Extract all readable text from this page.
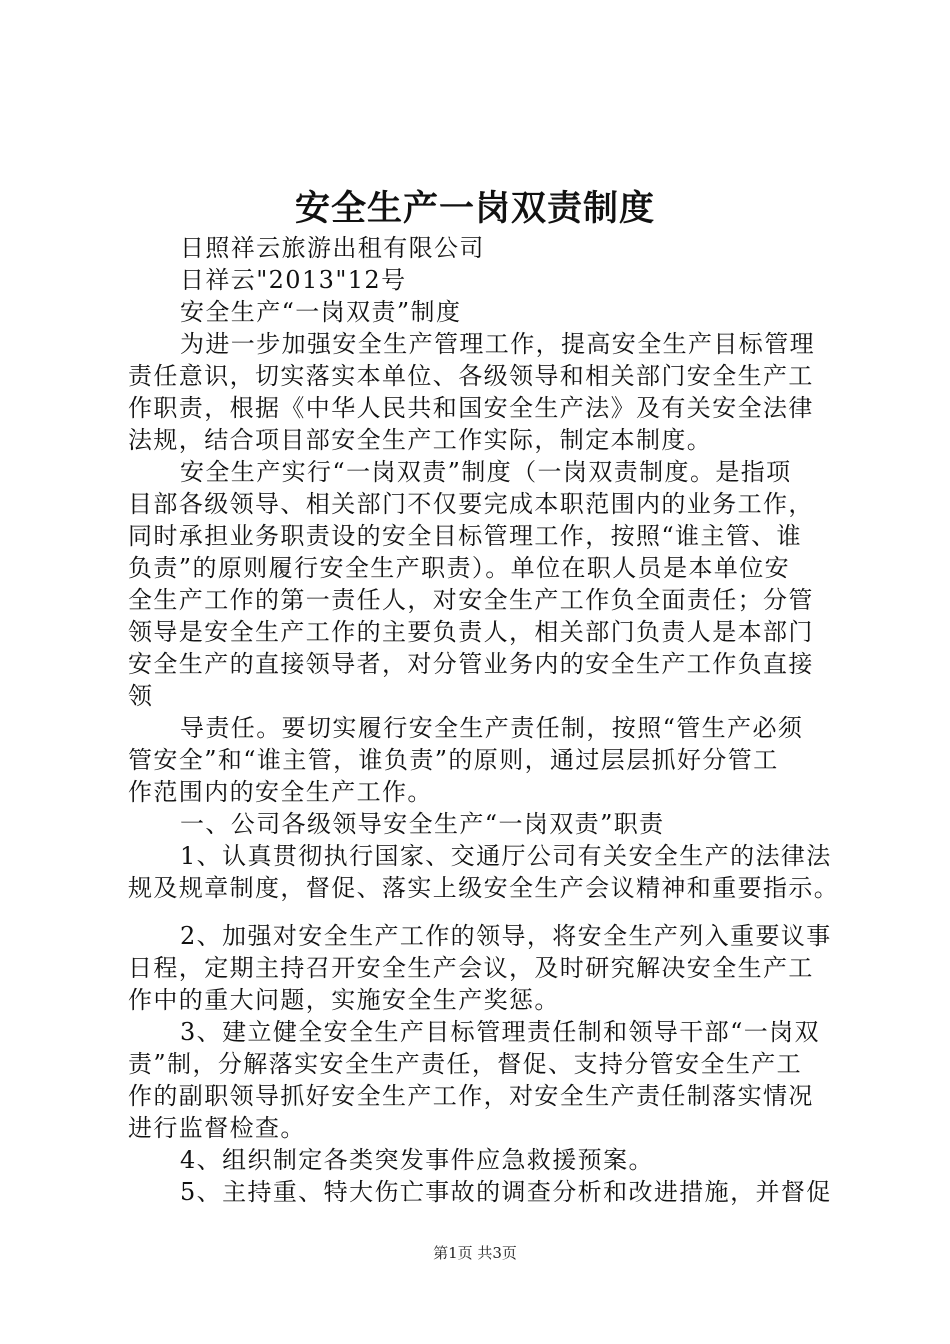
安全生产一岗双责制度
日照祥云旅游出租有限公司
日祥云"2013"12号
安全生产“一岗双责”制度
为进一步加强安全生产管理工作，提高安全生产目标管理
责任意识，切实落实本单位、各级领导和相关部门安全生产工
作职责，根据《中华人民共和国安全生产法》及有关安全法律
法规，结合项目部安全生产工作实际，制定本制度。
安全生产实行“一岗双责”制度（一岗双责制度。是指项
目部各级领导、相关部门不仅要完成本职范围内的业务工作，
同时承担业务职责设的安全目标管理工作，按照“谁主管、谁
负责”的原则履行安全生产职责）。单位在职人员是本单位安
全生产工作的第一责任人，对安全生产工作负全面责任；分管
领导是安全生产工作的主要负责人，相关部门负责人是本部门
安全生产的直接领导者，对分管业务内的安全生产工作负直接
领
导责任。要切实履行安全生产责任制，按照“管生产必须
管安全”和“谁主管，谁负责”的原则，通过层层抓好分管工
作范围内的安全生产工作。
一、公司各级领导安全生产“一岗双责”职责
1、认真贯彻执行国家、交通厅公司有关安全生产的法律法
规及规章制度，督促、落实上级安全生产会议精神和重要指示。
2、加强对安全生产工作的领导，将安全生产列入重要议事
日程，定期主持召开安全生产会议，及时研究解决安全生产工
作中的重大问题，实施安全生产奖惩。
3、建立健全安全生产目标管理责任制和领导干部“一岗双
责”制，分解落实安全生产责任，督促、支持分管安全生产工
作的副职领导抓好安全生产工作，对安全生产责任制落实情况
进行监督检查。
4、组织制定各类突发事件应急救援预案。
5、主持重、特大伤亡事故的调查分析和改进措施，并督促
第1页 共3页
